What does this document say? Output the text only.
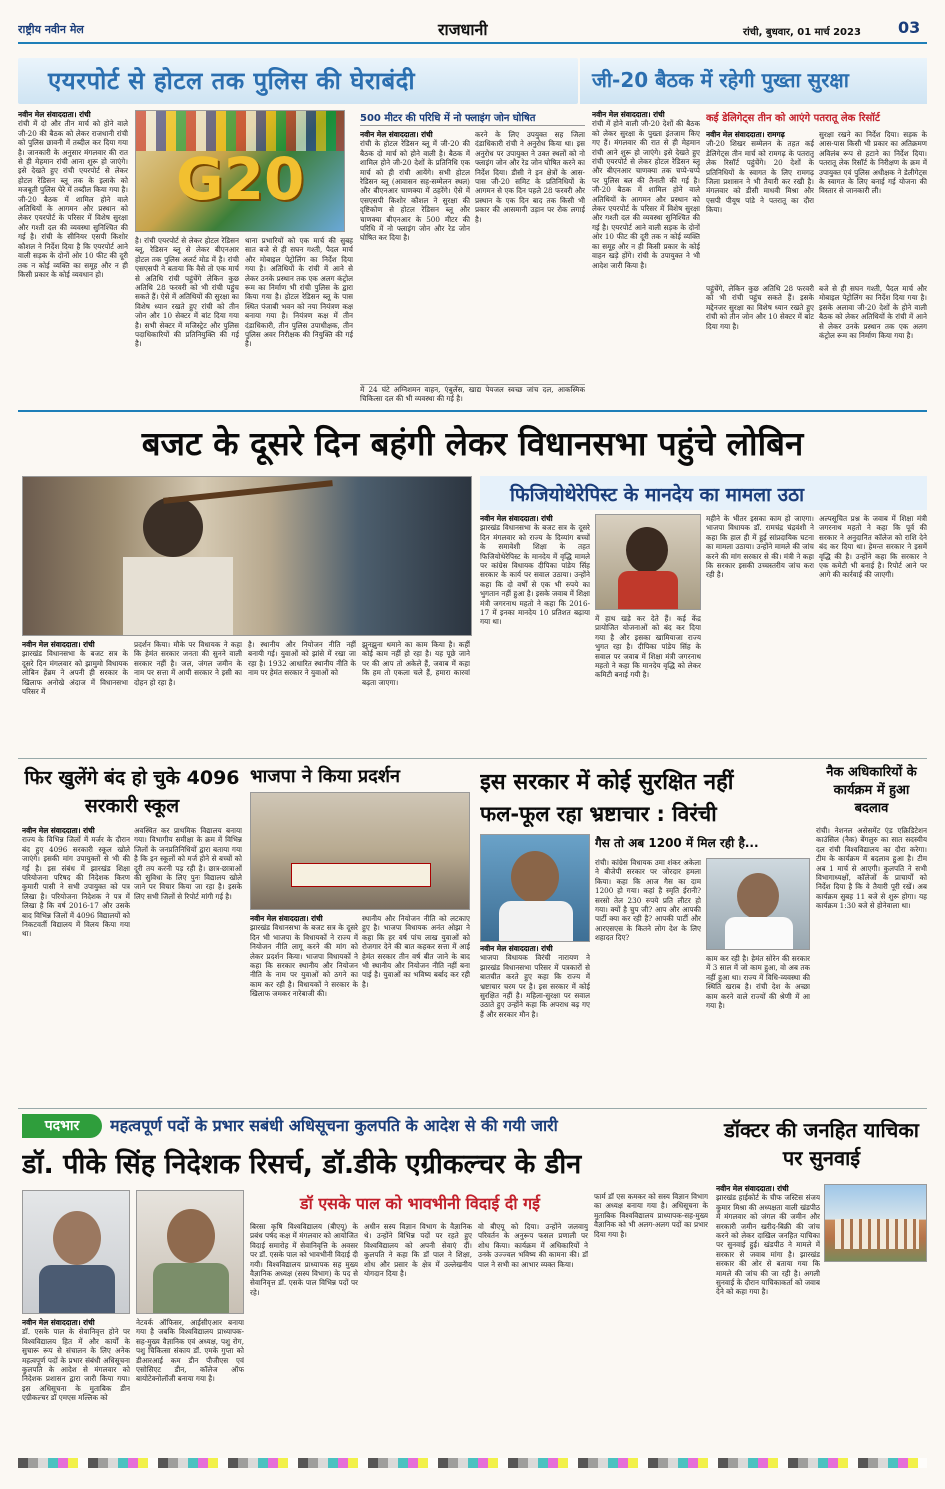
राष्ट्रीय नवीन मेल	राजधानी	रांची, बुधवार, 01 मार्च 2023 03
एयरपोर्ट से होटल तक पुलिस की घेराबंदी	जी-20 बैठक में रहेगी पुख्ता सुरक्षा
नवीन मेल संवाददाता। रांची
रांची में दो और तीन मार्च को होने वाले जी-20 की बैठक को लेकर राजधानी रांची को पुलिस छावनी में तब्दील कर दिया गया है। जानकारी के अनुसार मंगलवार की रात से ही मेहमान रांची आना शुरू हो जाएंगे। इसे देखते हुए रांची एयरपोर्ट से लेकर होटल रेडिसन ब्लू तक के इलाके को मजबूती पुलिस घेरे में तब्दील किया गया है। जी-20 बैठक में शामिल होने वाले अतिथियों के आगमन और प्रस्थान को लेकर एयरपोर्ट के परिसर में विशेष सुरक्षा और गश्ती दल की व्यवस्था सुनिश्चित की गई है। रांची के सीनियर एसपी किशोर कौशल ने निर्देश दिया है कि एयरपोर्ट आने वाली सड़क के दोनों ओर 10 फीट की दूरी तक न कोई व्यक्ति का समूह और न ही किसी प्रकार के कोई व्यवधान हो।
G20
है। रांची एयरपोर्ट से लेकर होटल रेडिसन ब्लू, रेडिसन ब्लू से लेकर बीएनआर होटल तक पुलिस अलर्ट मोड में है। रांची एसएसपी ने बताया कि वैसे तो एक मार्च से अतिथि रांची पहुंचेंगे लेकिन कुछ अतिथि 28 फरवरी को भी रांची पहुंच सकते हैं। ऐसे में अतिथियों की सुरक्षा का विशेष ध्यान रखते हुए रांची को तीन जोन और 10 सेक्टर में बांट दिया गया है। सभी सेक्टर में मजिस्ट्रेट और पुलिस पदाधिकारियों की प्रतिनियुक्ति की गई है।
थाना प्रभारियों को एक मार्च की सुबह सात बजे से ही सघन गश्ती, पैदल मार्च और मोबाइल पेट्रोलिंग का निर्देश दिया गया है। अतिथियों के रांची में आने से लेकर उनके प्रस्थान तक एक अलग कंट्रोल रूम का निर्माण भी रांची पुलिस के द्वारा किया गया है। होटल रेडिसन ब्लू के पास स्थित पंजाबी भवन को नया नियंत्रण कक्ष बनाया गया है। नियंत्रण कक्ष में तीन दंडाधिकारी, तीन पुलिस उपाधीक्षक, तीन पुलिस अवर निरीक्षक की नियुक्ति की गई है।
500 मीटर की परिधि में नो फ्लाइंग जोन घोषित
नवीन मेल संवाददाता। रांची
रांची के होटल रेडिसन ब्लू में जी-20 की बैठक दो मार्च को होने वाली है। बैठक में शामिल होने जी-20 देशों के प्रतिनिधि एक मार्च को ही रांची आयेंगे। सभी होटल रेडिसन ब्लू (आवासन सह-सम्मेलन स्थल) और बीएनआर चाणक्या में ठहरेंगे। ऐसे में एसएसपी किशोर कौशल ने सुरक्षा की दृष्टिकोण से होटल रेडिसन ब्लू और चाणक्या बीएनआर के 500 मीटर की परिधि में नो फ्लाइंग जोन और रेड जोन घोषित कर दिया है।
करने के लिए उपयुक्त सह जिला दंडाधिकारी रांची ने अनुरोध किया था। इस अनुरोध पर उपायुक्त ने उक्त स्थलों को नो फ्लाइंग जोन और रेड जोन घोषित करने का निर्देश दिया। डीसी ने इन क्षेत्रों के आस-पास जी-20 समिट के प्रतिनिधियों के आगमन से एक दिन पहले 28 फरवरी और प्रस्थान के एक दिन बाद तक किसी भी प्रकार की आसमानी उड़ान पर रोक लगाई है।
में 24 घंटे अग्निशमन वाहन, एंबुलेंस, खाद्य पेयजल स्वच्छ जांच दल, आकस्मिक चिकित्सा दल की भी व्यवस्था की गई है।
नवीन मेल संवाददाता। रांची
रांची में होने वाली जी-20 देशों की बैठक को लेकर सुरक्षा के पुख्ता इंतजाम किए गए हैं। मंगलवार की रात से ही मेहमान रांची आने शुरू हो जाएंगे। इसे देखते हुए रांची एयरपोर्ट से लेकर होटल रेडिसन ब्लू और बीएनआर चाणक्या तक चप्पे-चप्पे पर पुलिस बल की तैनाती की गई है। जी-20 बैठक में शामिल होने वाले अतिथियों के आगमन और प्रस्थान को लेकर एयरपोर्ट के परिसर में विशेष सुरक्षा और गश्ती दल की व्यवस्था सुनिश्चित की गई है। एयरपोर्ट आने वाली सड़क के दोनों ओर 10 फीट की दूरी तक न कोई व्यक्ति का समूह और न ही किसी प्रकार के कोई वाहन खड़े होंगे। रांची के उपायुक्त ने भी आदेश जारी किया है।
कई डेलिगेट्स तीन को आएंगे पतरातू लेक रिसॉर्ट
नवीन मेल संवाददाता। रामगढ़
जी-20 शिखर सम्मेलन के तहत कई डेलिगेट्स तीन मार्च को रामगढ़ के पतरातू लेक रिसॉर्ट पहुंचेंगे। 20 देशों के प्रतिनिधियों के स्वागत के लिए रामगढ़ जिला प्रशासन ने भी तैयारी कर रखी है। मंगलवार को डीसी माधवी मिश्रा और एसपी पीयूष पांडे ने पतरातू का दौरा किया।
सुरक्षा रखने का निर्देश दिया। सड़क के आस-पास किसी भी प्रकार का अतिक्रमण अविलंब रूप से हटाने का निर्देश दिया। पतरातू लेक रिसॉर्ट के निरीक्षण के क्रम में उपायुक्त एवं पुलिस अधीक्षक ने डेलीगेट्स के स्वागत के लिए बनाई गई योजना की विस्तार से जानकारी ली।
पहुंचेंगे, लेकिन कुछ अतिथि 28 फरवरी को भी रांची पहुंच सकते हैं। इसके मद्देनजर सुरक्षा का विशेष ध्यान रखते हुए रांची को तीन जोन और 10 सेक्टर में बांट दिया गया है।
बजे से ही सघन गश्ती, पैदल मार्च और मोबाइल पेट्रोलिंग का निर्देश दिया गया है। इसके अलावा जी-20 देशों के होने वाली बैठक को लेकर अतिथियों के रांची में आने से लेकर उनके प्रस्थान तक एक अलग कंट्रोल रूम का निर्माण किया गया है।
बजट के दूसरे दिन बहंगी लेकर विधानसभा पहुंचे लोबिन
नवीन मेल संवाददाता। रांची
झारखंड विधानसभा के बजट सत्र के दूसरे दिन मंगलवार को झामुमो विधायक लोबिन हेंब्रम ने अपनी ही सरकार के खिलाफ अनोखे अंदाज में विधानसभा परिसर में
प्रदर्शन किया। मौके पर विधायक ने कहा कि हेमंत सरकार जनता की सुनने वाली सरकार नहीं है। जल, जंगल जमीन के नाम पर सत्ता में आयी सरकार ने इसी का दोहन हो रहा है।
है। स्थानीय और नियोजन नीति नहीं बनायी गई। युवाओं को झांसे में रखा जा रहा है। 1932 आधारित स्थानीय नीति के नाम पर हेमंत सरकार ने युवाओं को
झुनझुना थमाने का काम किया है। कहीं कोई काम नहीं हो रहा है। यह पूछे जाने पर की आप तो अकेले हैं, जवाब में कहा कि हम तो एकला चले हैं, हमारा कारवां बढ़ता जाएगा।
फिजियोथेरेपिस्ट के मानदेय का मामला उठा
नवीन मेल संवाददाता। रांची
झारखंड विधानसभा के बजट सत्र के दूसरे दिन मंगलवार को राज्य के दिव्यांग बच्चों के समावेशी शिक्षा के तहत फिजियोथेरेपिस्ट के मानदेय में वृद्धि मामले पर कांग्रेस विधायक दीपिका पांडेय सिंह सरकार के कार्य पर सवाल उठाया। उन्होंने कहा कि दो वर्षों से एक भी रुपये का भुगतान नहीं हुआ है। इसके जवाब में शिक्षा मंत्री जगरनाथ महतो ने कहा कि 2016-17 में इनका मानदेय 10 प्रतिशत बढ़ाया गया था।	में हाथ खड़े कर देते हैं। कई केंद्र प्रायोजित योजनाओं को बंद कर दिया गया है और इसका खामियाजा राज्य भुगत रहा है। दीपिका पांडेय सिंह के सवाल पर जवाब में शिक्षा मंत्री जगरनाथ महतो ने कहा कि मानदेय वृद्धि को लेकर कमिटी बनाई गयी है।
महीने के भीतर इसका काम हो जाएगा। भाजपा विधायक डॉ. रामचंद्र चंद्रवंशी ने कहा कि हाल ही में हुई सांप्रदायिक घटना का मामला उठाया। उन्होंने मामले की जांच करने की मांग सरकार से की। मंत्री ने कहा कि सरकार इसकी उच्चस्तरीय जांच करा रही है।
अल्पसूचित प्रश्न के जवाब में शिक्षा मंत्री जगरनाथ महतो ने कहा कि पूर्व की सरकार ने अनुदानित कॉलेज को राशि देने बंद कर दिया था। हेमन्त सरकार ने इसमें वृद्धि की है। उन्होंने कहा कि सरकार ने एक कमेटी भी बनाई है। रिपोर्ट आने पर आगे की कार्रवाई की जाएगी।
फिर खुलेंगे बंद हो चुके 4096 सरकारी स्कूल
नवीन मेल संवाददाता। रांची
राज्य के विभिन्न जिलों में मर्जर के दौरान बंद हुए 4096 सरकारी स्कूल खोले जाएंगे। इसकी मांग उपायुक्तों से भी की गई है। इस संबंध में झारखंड शिक्षा परियोजना परिषद की निदेशक किरण कुमारी पासी ने सभी उपायुक्त को पत्र लिखा है। परियोजना निदेशक ने पत्र में लिखा है कि वर्ष 2016-17 और उसके बाद विभिन्न जिलों में 4096 विद्यालयों को निकटवर्ती विद्यालय में विलय किया गया था।
अवस्थित कर प्राथमिक विद्यालय बनाया गया। विभागीय समीक्षा के क्रम में विभिन्न जिलों के जनप्रतिनिधियों द्वारा बताया गया है कि इन स्कूलों को मर्ज होने से बच्चों को दूरी तय करनी पड़ रही है। छात्र-छात्राओं की सुविधा के लिए पुनः विद्यालय खोले जाने पर विचार किया जा रहा है। इसके लिए सभी जिलों से रिपोर्ट मांगी गई है।
भाजपा ने किया प्रदर्शन
नवीन मेल संवाददाता। रांची
झारखंड विधानसभा के बजट सत्र के दूसरे दिन भी भाजपा के विधायकों ने राज्य में नियोजन नीति लागू करने की मांग को लेकर प्रदर्शन किया। भाजपा विधायकों ने कहा कि सरकार स्थानीय और नियोजन नीति के नाम पर युवाओं को ठगने का काम कर रही है। विधायकों ने सरकार के खिलाफ जमकर नारेबाजी की।
स्थानीय और नियोजन नीति को लटकाए हुए है। भाजपा विधायक अनंत ओझा ने कहा कि हर वर्ष पांच लाख युवाओं को रोजगार देने की बात कहकर सत्ता में आई हेमंत सरकार तीन वर्ष बीत जाने के बाद भी स्थानीय और नियोजन नीति नहीं बना पाई है। युवाओं का भविष्य बर्बाद कर रही है।
इस सरकार में कोई सुरक्षित नहीं
फल-फूल रहा भ्रष्टाचार : विरंची
नवीन मेल संवाददाता। रांची
भाजपा विधायक विरंची नारायण ने झारखंड विधानसभा परिसर में पत्रकारों से बातचीत करते हुए कहा कि राज्य में भ्रष्टाचार चरम पर है। इस सरकार में कोई सुरक्षित नहीं है। महिला-सुरक्षा पर सवाल उठाते हुए उन्होंने कहा कि अपराध बढ़ गए हैं और सरकार मौन है।
गैस तो अब 1200 में मिल रही है...
रांची। कांग्रेस विधायक उमा शंकर अकेला ने बीजेपी सरकार पर जोरदार हमला किया। कहा कि आज गैस का दाम 1200 हो गया। कहां है स्मृति ईरानी? सरसो तेल 230 रुपये प्रति लीटर हो गया। क्यों है चुप जी? आप और आपकी पार्टी क्या कर रही है? आपकी पार्टी और आरएसएस के कितने लोग देश के लिए शहादत दिए?
काम कर रही है। हेमंत सोरेन की सरकार में 3 साल में जो काम हुआ, वो अब तक नहीं हुआ था। राज्य में विधि-व्यवस्था की स्थिति खराब है। रांची देश के अच्छा काम करने वाले राज्यों की श्रेणी में आ गया है।
नैक अधिकारियों के कार्यक्रम में हुआ बदलाव
रांची। नेशनल असेसमेंट एंड एक्रिडिटेशन काउंसिल (नैक) बेंगलुरु का सात सदस्यीय दल रांची विश्वविद्यालय का दौरा करेगा। टीम के कार्यक्रम में बदलाव हुआ है। टीम अब 1 मार्च से आएगी। कुलपति ने सभी विभागाध्यक्षों, कॉलेजों के प्राचार्यों को निर्देश दिया है कि वे तैयारी पूरी रखें। अब कार्यक्रम सुबह 11 बजे से शुरू होगा। यह कार्यक्रम 1:30 बजे से होनेवाला था।
पदभार	महत्वपूर्ण पदों के प्रभार सबंधी अधिसूचना कुलपति के आदेश से की गयी जारी
डॉ. पीके सिंह निदेशक रिसर्च, डॉ.डीके एग्रीकल्चर के डीन
नवीन मेल संवाददाता। रांची
डॉ. एसके पाल के सेवानिवृत्त होने पर विश्वविद्यालय हित में और कार्यों के सुचारू रूप से संचालन के लिए अनेक महत्वपूर्ण पदों के प्रभार संबंधी अधिसूचना कुलपति के आदेश से मंगलवार को निदेशक प्रशासन द्वारा जारी किया गया। इस अधिसूचना के मुताबिक डीन एग्रीकल्चर डॉ एमएस मल्लिक को
नेटवर्क ऑफिसर, आईसीएआर बनाया गया है जबकि विश्वविद्यालय प्राध्यापक-सह-मुख्य वैज्ञानिक एवं अध्यक्ष, पशु रोग, पशु चिकित्सा संकाय डॉ. एमके गुप्ता को डीआरआई कम डीन पीजीएस एवं एसोसिएट डीन, कॉलेज ऑफ बायोटेक्नोलॉजी बनाया गया है।
डॉ एसके पाल को भावभीनी विदाई दी गई
बिरसा कृषि विश्वविद्यालय (बीएयू) के प्रबंध पर्षद कक्ष में मंगलवार को आयोजित विदाई समारोह में सेवानिवृत्ति के अवसर पर डॉ. एसके पाल को भावभीनी विदाई दी गयी। विश्वविद्यालय प्राध्यापक सह मुख्य वैज्ञानिक अध्यक्ष (सस्य विभाग) के पद से सेवानिवृत्त डॉ. एसके पाल विभिन्न पदों पर रहे।
अधीन सस्य विज्ञान विभाग के वैज्ञानिक थे। उन्होंने विभिन्न पदों पर रहते हुए विश्वविद्यालय को अपनी सेवाएं दीं। कुलपति ने कहा कि डॉ पाल ने शिक्षा, शोध और प्रसार के क्षेत्र में उल्लेखनीय योगदान दिया है।
वो बीएयू को दिया। उन्होंने जलवायु परिवर्तन के अनुरूप फसल प्रणाली पर शोध किया। कार्यक्रम में अधिकारियों ने उनके उज्ज्वल भविष्य की कामना की। डॉ पाल ने सभी का आभार व्यक्त किया।
फार्म डॉ एस कमकर को सस्य विज्ञान विभाग का अध्यक्ष बनाया गया है। अधिसूचना के मुताबिक विश्वविद्यालय प्राध्यापक-सह-मुख्य वैज्ञानिक को भी अलग-अलग पदों का प्रभार दिया गया है।
डॉक्टर की जनहित याचिका पर सुनवाई
नवीन मेल संवाददाता। रांची
झारखंड हाईकोर्ट के चीफ जस्टिस संजय कुमार मिश्रा की अध्यक्षता वाली खंडपीठ में मंगलवार को जंगल की जमीन और सरकारी जमीन खरीद-बिक्री की जांच करने को लेकर दाखिल जनहित याचिका पर सुनवाई हुई। खंडपीठ ने मामले में सरकार से जवाब मांगा है। झारखंड सरकार की ओर से बताया गया कि मामले की जांच की जा रही है। अगली सुनवाई के दौरान याचिकाकर्ता को जवाब देने को कहा गया है।
